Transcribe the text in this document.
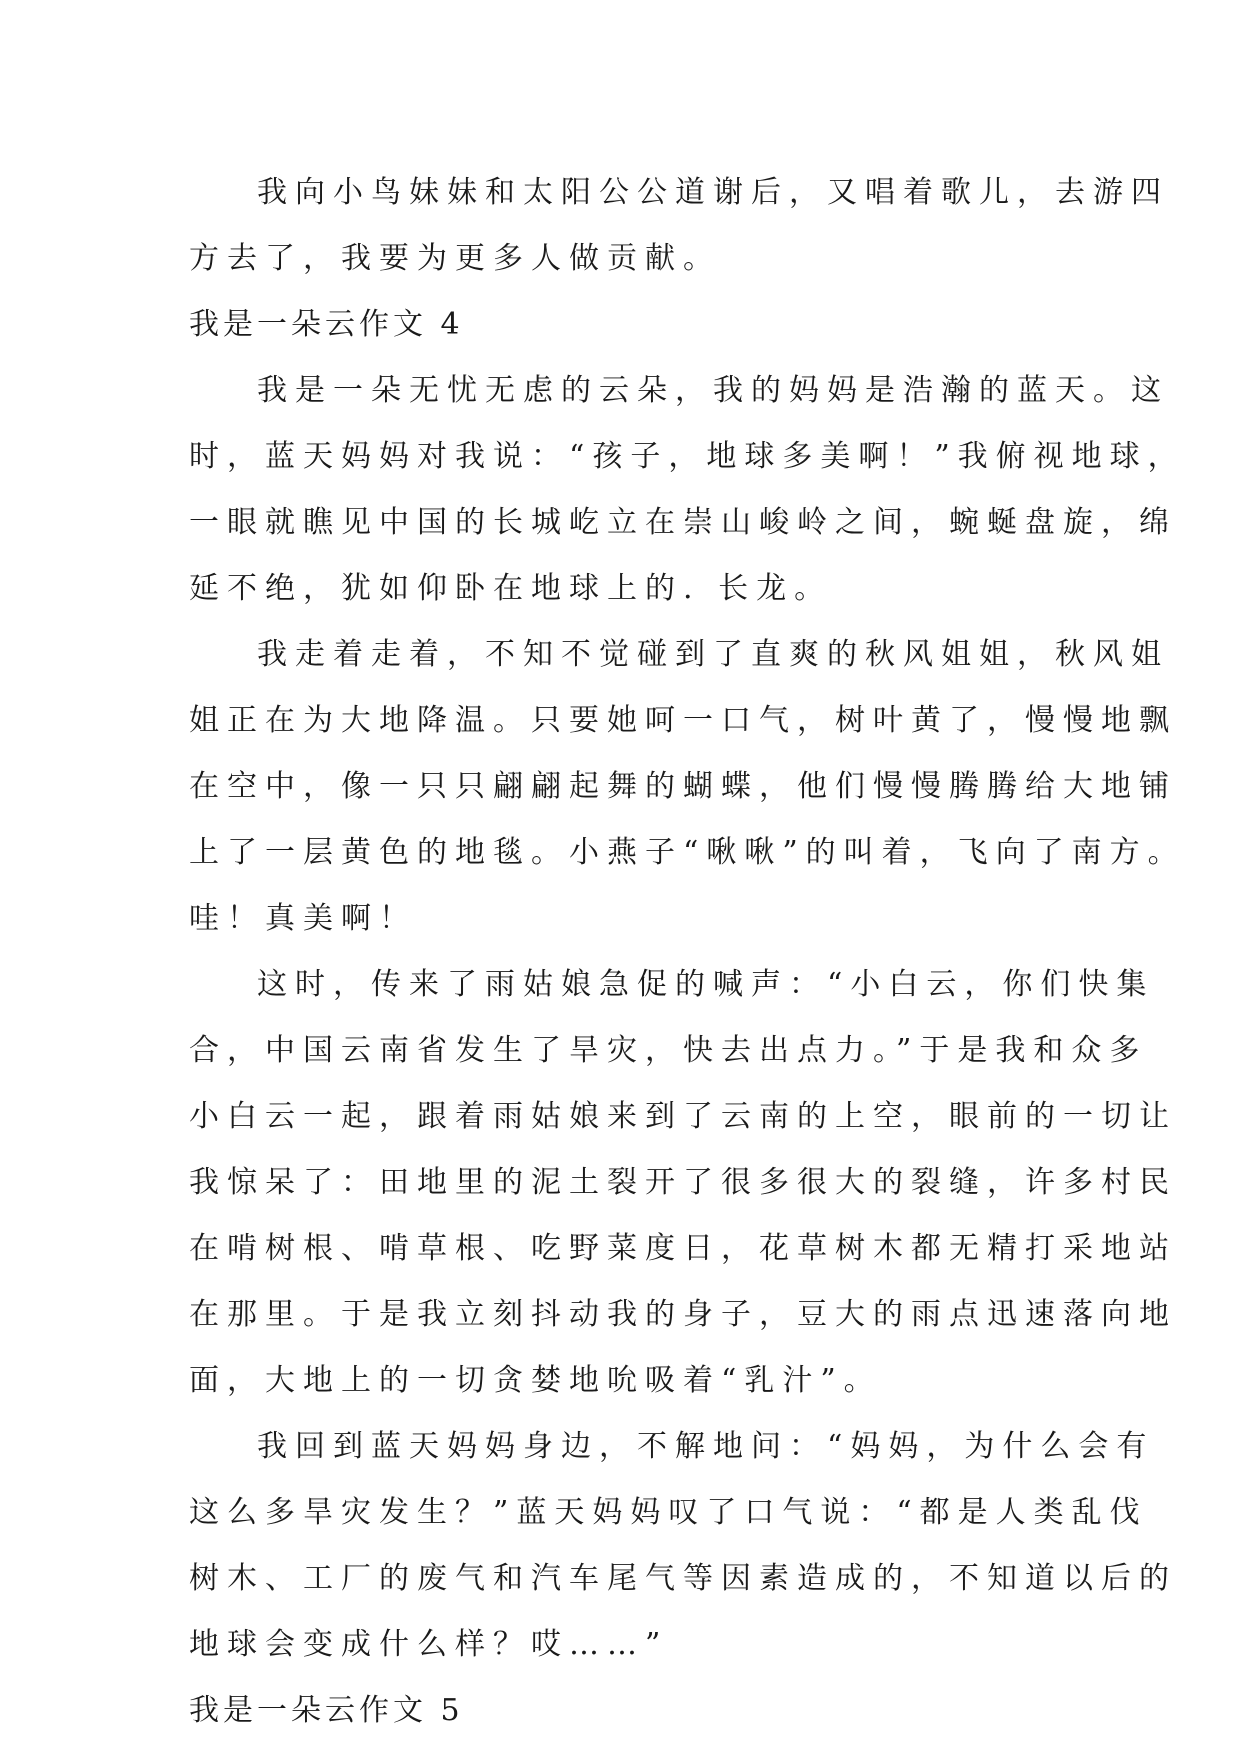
我向小鸟妹妹和太阳公公道谢后，又唱着歌儿，去游四
方去了，我要为更多人做贡献。
我是一朵云作文 4
我是一朵无忧无虑的云朵，我的妈妈是浩瀚的蓝天。这
时，蓝天妈妈对我说：“孩子，地球多美啊！”我俯视地球，
一眼就瞧见中国的长城屹立在崇山峻岭之间，蜿蜒盘旋，绵
延不绝，犹如仰卧在地球上的. 长龙。
我走着走着，不知不觉碰到了直爽的秋风姐姐，秋风姐
姐正在为大地降温。只要她呵一口气，树叶黄了，慢慢地飘
在空中，像一只只翩翩起舞的蝴蝶，他们慢慢腾腾给大地铺
上了一层黄色的地毯。小燕子“啾啾”的叫着，飞向了南方。
哇！真美啊！
这时，传来了雨姑娘急促的喊声：“小白云，你们快集
合，中国云南省发生了旱灾，快去出点力。”于是我和众多
小白云一起，跟着雨姑娘来到了云南的上空，眼前的一切让
我惊呆了：田地里的泥土裂开了很多很大的裂缝，许多村民
在啃树根、啃草根、吃野菜度日，花草树木都无精打采地站
在那里。于是我立刻抖动我的身子，豆大的雨点迅速落向地
面，大地上的一切贪婪地吮吸着“乳汁”。
我回到蓝天妈妈身边，不解地问：“妈妈，为什么会有
这么多旱灾发生？”蓝天妈妈叹了口气说：“都是人类乱伐
树木、工厂的废气和汽车尾气等因素造成的，不知道以后的
地球会变成什么样？哎……”
我是一朵云作文 5
